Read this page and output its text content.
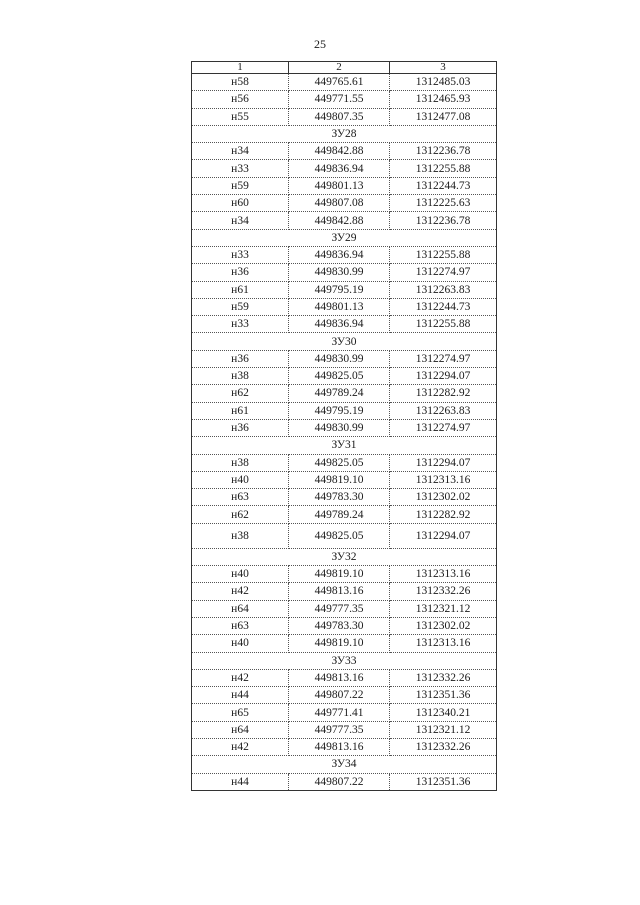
25
1	2	3
н58	449765.61	1312485.03
н56	449771.55	1312465.93
н55	449807.35	1312477.08
ЗУ28		
н34	449842.88	1312236.78
н33	449836.94	1312255.88
н59	449801.13	1312244.73
н60	449807.08	1312225.63
н34	449842.88	1312236.78
ЗУ29		
н33	449836.94	1312255.88
н36	449830.99	1312274.97
н61	449795.19	1312263.83
н59	449801.13	1312244.73
н33	449836.94	1312255.88
ЗУ30		
н36	449830.99	1312274.97
н38	449825.05	1312294.07
н62	449789.24	1312282.92
н61	449795.19	1312263.83
н36	449830.99	1312274.97
ЗУ31		
н38	449825.05	1312294.07
н40	449819.10	1312313.16
н63	449783.30	1312302.02
н62	449789.24	1312282.92
н38	449825.05	1312294.07
ЗУ32		
н40	449819.10	1312313.16
н42	449813.16	1312332.26
н64	449777.35	1312321.12
н63	449783.30	1312302.02
н40	449819.10	1312313.16
ЗУ33		
н42	449813.16	1312332.26
н44	449807.22	1312351.36
н65	449771.41	1312340.21
н64	449777.35	1312321.12
н42	449813.16	1312332.26
ЗУ34		
н44	449807.22	1312351.36
